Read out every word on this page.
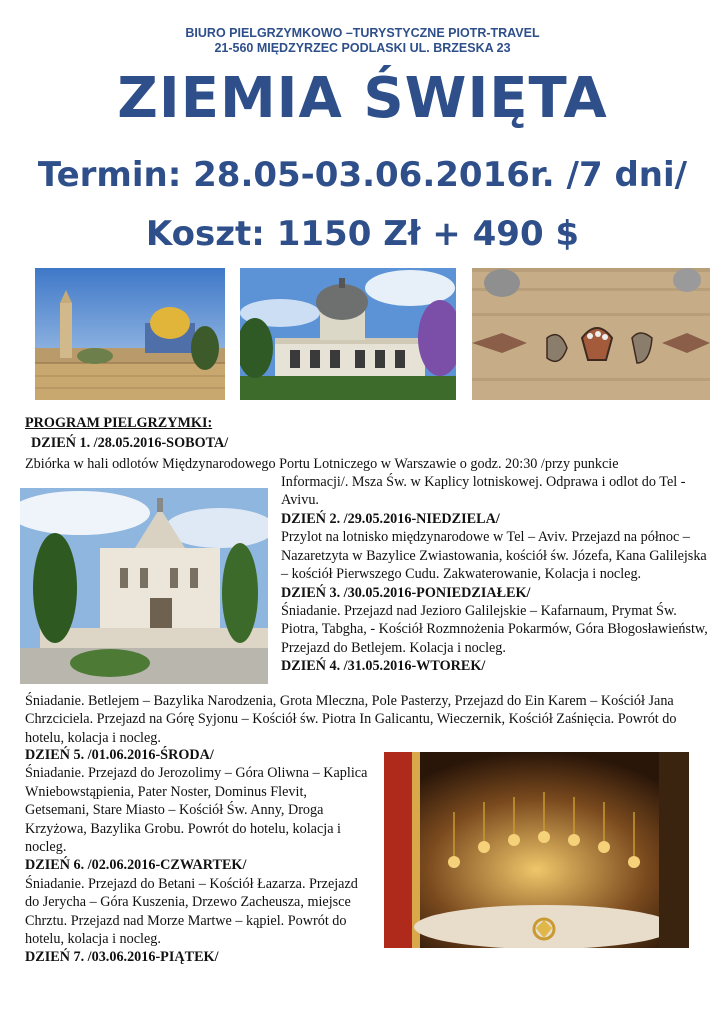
BIURO PIELGRZYMKOWO –TURYSTYCZNE PIOTR-TRAVEL
21-560 MIĘDZYRZEC PODLASKI UL. BRZESKA 23
ZIEMIA ŚWIĘTA
Termin: 28.05-03.06.2016r. /7 dni/
Koszt: 1150 Zł + 490 $
PROGRAM PIELGRZYMKI:
DZIEŃ 1. /28.05.2016-SOBOTA/
Zbiórka w hali odlotów Międzynarodowego Portu Lotniczego w Warszawie o godz. 20:30 /przy punkcie
Informacji/. Msza Św. w Kaplicy lotniskowej. Odprawa i odlot do Tel -Avivu.
DZIEŃ 2. /29.05.2016-NIEDZIELA/
Przylot na lotnisko międzynarodowe w Tel – Aviv. Przejazd na północ – Nazaretzyta w Bazylice Zwiastowania, kościół św. Józefa, Kana Galilejska – kościół Pierwszego Cudu. Zakwaterowanie, Kolacja i nocleg.
DZIEŃ 3. /30.05.2016-PONIEDZIAŁEK/
Śniadanie. Przejazd nad Jezioro Galilejskie – Kafarnaum, Prymat Św. Piotra, Tabgha, - Kościół Rozmnożenia Pokarmów, Góra Błogosławieństw, Przejazd do Betlejem. Kolacja i nocleg.
DZIEŃ 4. /31.05.2016-WTOREK/
Śniadanie. Betlejem – Bazylika Narodzenia, Grota Mleczna, Pole Pasterzy, Przejazd do Ein Karem – Kościół Jana Chrzciciela. Przejazd na Górę Syjonu – Kościół św. Piotra In Galicantu, Wieczernik, Kościół Zaśnięcia. Powrót do hotelu, kolacja i nocleg.
DZIEŃ 5. /01.06.2016-ŚRODA/
Śniadanie. Przejazd do Jerozolimy – Góra Oliwna – Kaplica Wniebowstąpienia, Pater Noster, Dominus Flevit, Getsemani, Stare Miasto – Kościół Św. Anny, Droga Krzyżowa, Bazylika Grobu. Powrót do hotelu, kolacja i nocleg.
DZIEŃ 6. /02.06.2016-CZWARTEK/
Śniadanie. Przejazd do Betani – Kościół Łazarza. Przejazd do Jerycha – Góra Kuszenia, Drzewo Zacheusza, miejsce Chrztu. Przejazd nad Morze Martwe – kąpiel. Powrót do hotelu, kolacja i nocleg.
DZIEŃ 7. /03.06.2016-PIĄTEK/
